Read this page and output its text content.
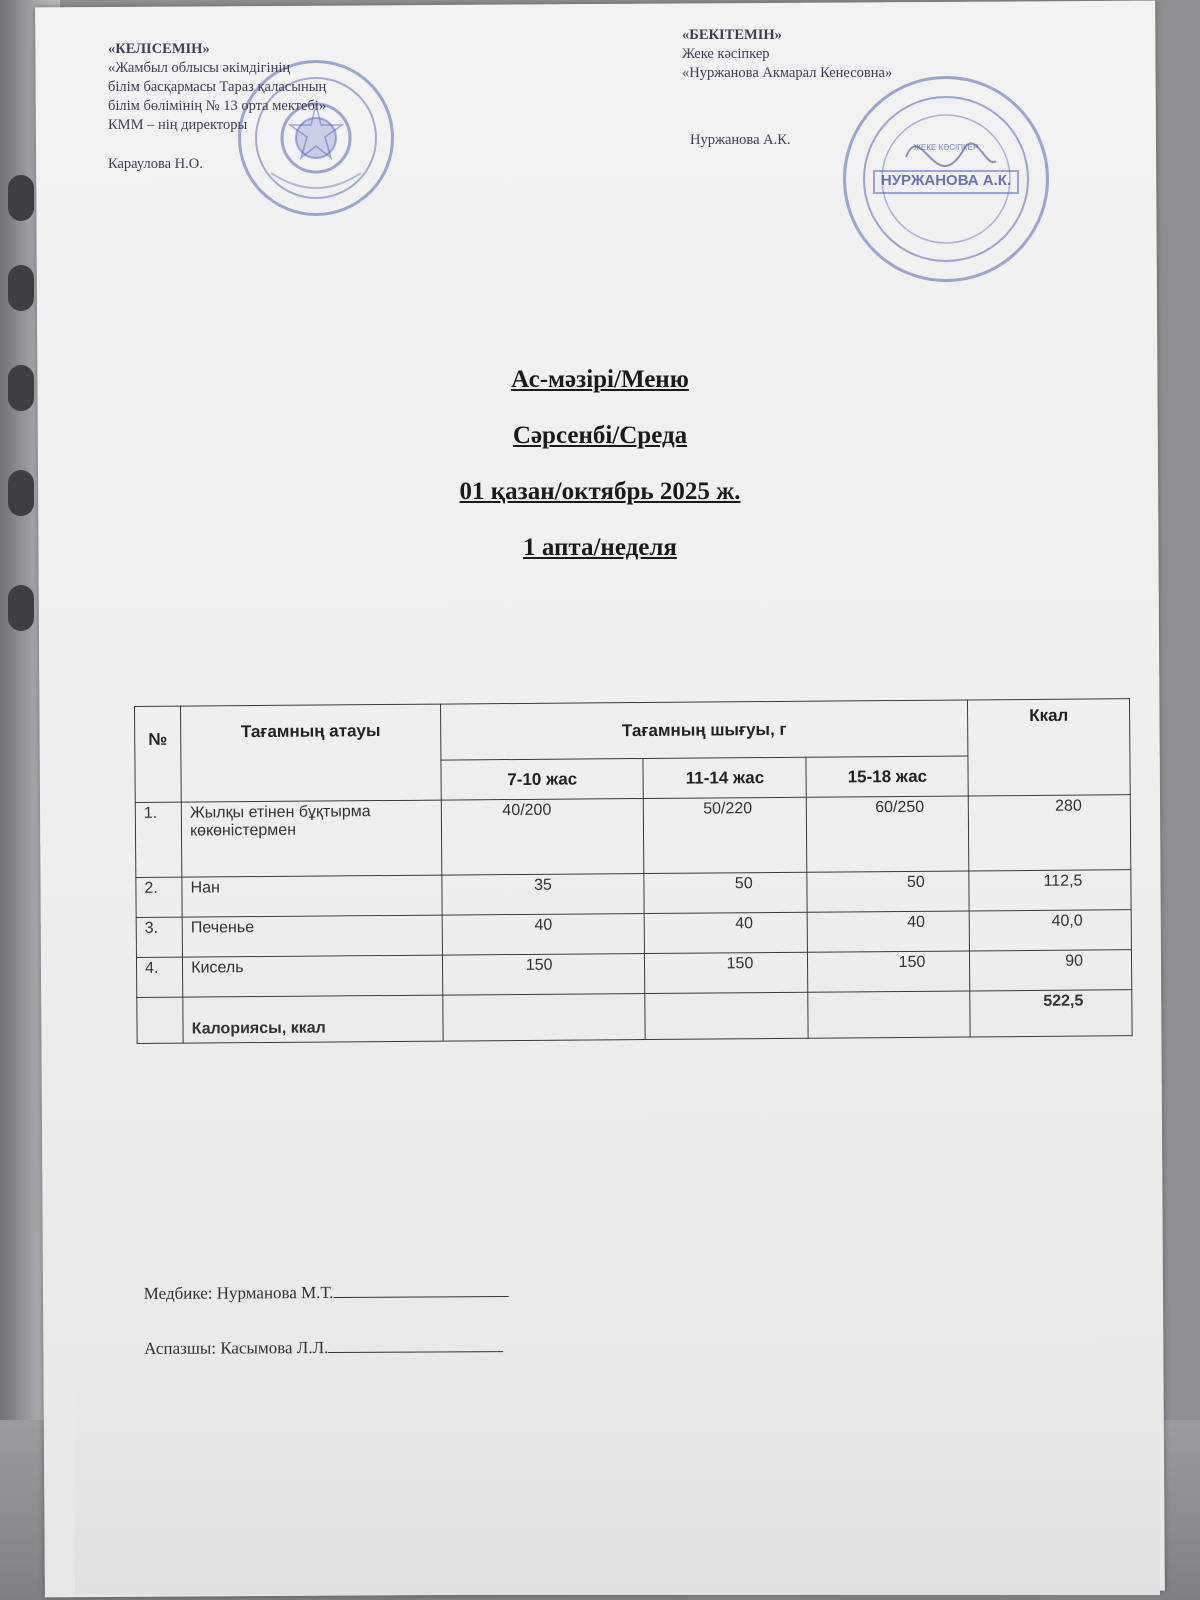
НУРЖАНОВА А.К.
ЖЕКЕ КӘСІПКЕР
«КЕЛІСЕМІН»
«Жамбыл облысы әкімдігінің
білім басқармасы Тараз қаласының
білім бөлімінің № 13 орта мектебі»
КММ – нің директоры
Караулова Н.О.
«БЕКІТЕМІН»
Жеке кәсіпкер
«Нуржанова Акмарал Кенесовна»
Нуржанова А.К.
Ас-мәзірі/Меню
Сәрсенбі/Среда
01 қазан/октябрь 2025 ж.
1 апта/неделя
№	Тағамның атауы	Тағамның шығуы, г			Ккал
		7-10 жас	11-14 жас	15-18 жас	
1.	Жылқы етінен бұқтырма көкөністермен	40/200	50/220	60/250	280
2.	Нан	35	50	50	112,5
3.	Печенье	40	40	40	40,0
4.	Кисель	150	150	150	90
	Калориясы, ккал				522,5
Медбике: Нурманова М.Т.
Аспазшы: Касымова Л.Л.
